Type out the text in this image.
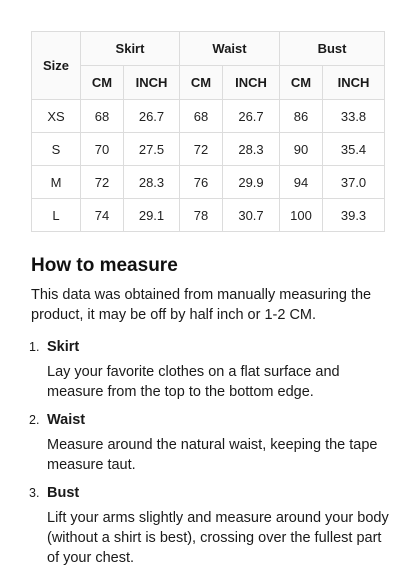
Size	Skirt		Waist		Bust	
	CM	INCH	CM	INCH	CM	INCH
XS	68	26.7	68	26.7	86	33.8
S	70	27.5	72	28.3	90	35.4
M	72	28.3	76	29.9	94	37.0
L	74	29.1	78	30.7	100	39.3
How to measure

This data was obtained from manually measuring the product, it may be off by half inch or 1-2 CM.

1. Skirt
Lay your favorite clothes on a flat surface and measure from the top to the bottom edge.
2. Waist
Measure around the natural waist, keeping the tape measure taut.
3. Bust
Lift your arms slightly and measure around your body (without a shirt is best), crossing over the fullest part of your chest.
